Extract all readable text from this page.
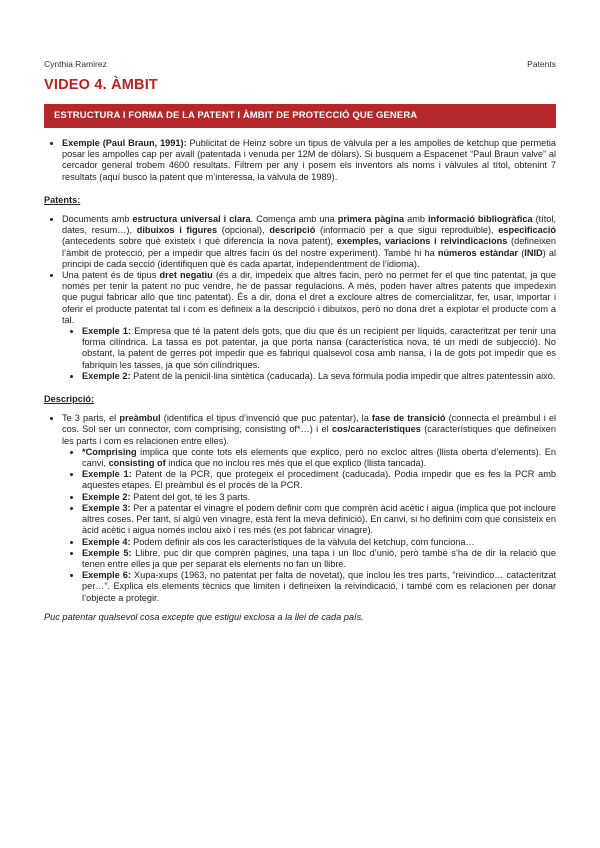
Cynthia Ramirez	Patents
VIDEO 4. ÀMBIT
ESTRUCTURA I FORMA DE LA PATENT I ÀMBIT DE PROTECCIÓ QUE GENERA
• Exemple (Paul Braun, 1991): Publicitat de Heinz sobre un tipus de vàlvula per a les ampolles de ketchup que permetia posar les ampolles cap per avall (patentada i venuda per 12M de dòlars). Si busquem a Espacenet “Paul Braun valve” al cercador general trobem 4600 resultats. Filtrem per any i posem els inventors als noms i vàlvules al títol, obtenint 7 resultats (aquí busco la patent que m’interessa, la vàlvula de 1989).
Patents:
• Documents amb estructura universal i clara. Comença amb una primera pàgina amb informació bibliogràfica (títol, dates, resum…), dibuixos i figures (opcional), descripció (informació per a que sigui reproduïble), especificació (antecedents sobre què existeix i què diferencia la nova patent), exemples, variacions i reivindicacions (defineixen l’àmbit de protecció, per a impedir que altres facin ús del nostre experiment). També hi ha números estàndar (INID) al principi de cada secció (identifiquen què és cada apartat, independentment de l’idioma).
• Una patent és de tipus dret negatiu (és a dir, impedeix que altres facin, però no permet fer el que tinc patentat, ja que només per tenir la patent no puc vendre, he de passar regulacions. A més, poden haver altres patents que impedexin que pugui fabricar allò que tinc patentat). És a dir, dona el dret a excloure altres de comercialitzar, fer, usar, importar i oferir el producte patentat tal i com es defineix a la descripció i dibuixos, però no dona dret a explotar el producte com a tal.
• Exemple 1: Empresa que té la patent dels gots, que diu que és un recipient per líquids, caracteritzat per tenir una forma cilíndrica. La tassa es pot patentar, ja que porta nansa (característica nova, té un medi de subjecció). No obstant, la patent de gerres pot impedir que es fabriqui qualsevol cosa amb nansa, i la de gots pot impedir que es fabriquin les tasses, ja que són cilíndriques.
• Exemple 2: Patent de la penicil·lina sintètica (caducada). La seva fórmula podia impedir que altres patentessin això.
Descripció:
• Te 3 parts, el preàmbul (identifica el tipus d’invenció que puc patentar), la fase de transició (connecta el preàmbul i el cos. Sol ser un connector, com comprising, consisting of*…) i el cos/característiques (característiques que defineixen les parts i com es relacionen entre elles).
• *Comprising implica que conte tots els elements que explico, però no excloc altres (llista oberta d’elements). En canvi, consisting of indica que no inclou res més que el que explico (llista tancada).
• Exemple 1: Patent de la PCR, que protegeix el procediment (caducada). Podia impedir que es fes la PCR amb aquestes etapes. El preàmbul és el procés de la PCR.
• Exemple 2: Patent del got, té les 3 parts.
• Exemple 3: Per a patentar el vinagre el podem definir com que comprèn àcid acètic i aigua (implica que pot incloure altres coses. Per tant, si algú ven vinagre, està fent la meva definició). En canvi, si ho definim com que consisteix en àcid acètic i aigua només inclou això i res més (es pot fabricar vinagre).
• Exemple 4: Podem definir als cos les característiques de la vàlvula del ketchup, com funciona…
• Exemple 5: Llibre, puc dir que comprèn pàgines, una tapa i un lloc d’unió, però també s’ha de dir la relació que tenen entre elles ja que per separat els elements no fan un llibre.
• Exemple 6: Xupa-xups (1963, no patentat per falta de novetat), que inclou les tres parts, “reivindico… catacteritzat per…”. Explica els elements tècnics que limiten i defineixen la reivindicació, i també com es relacionen per donar l’objecte a protegir.
Puc patentar qualsevol cosa excepte que estigui exclosa a la llei de cada país.
